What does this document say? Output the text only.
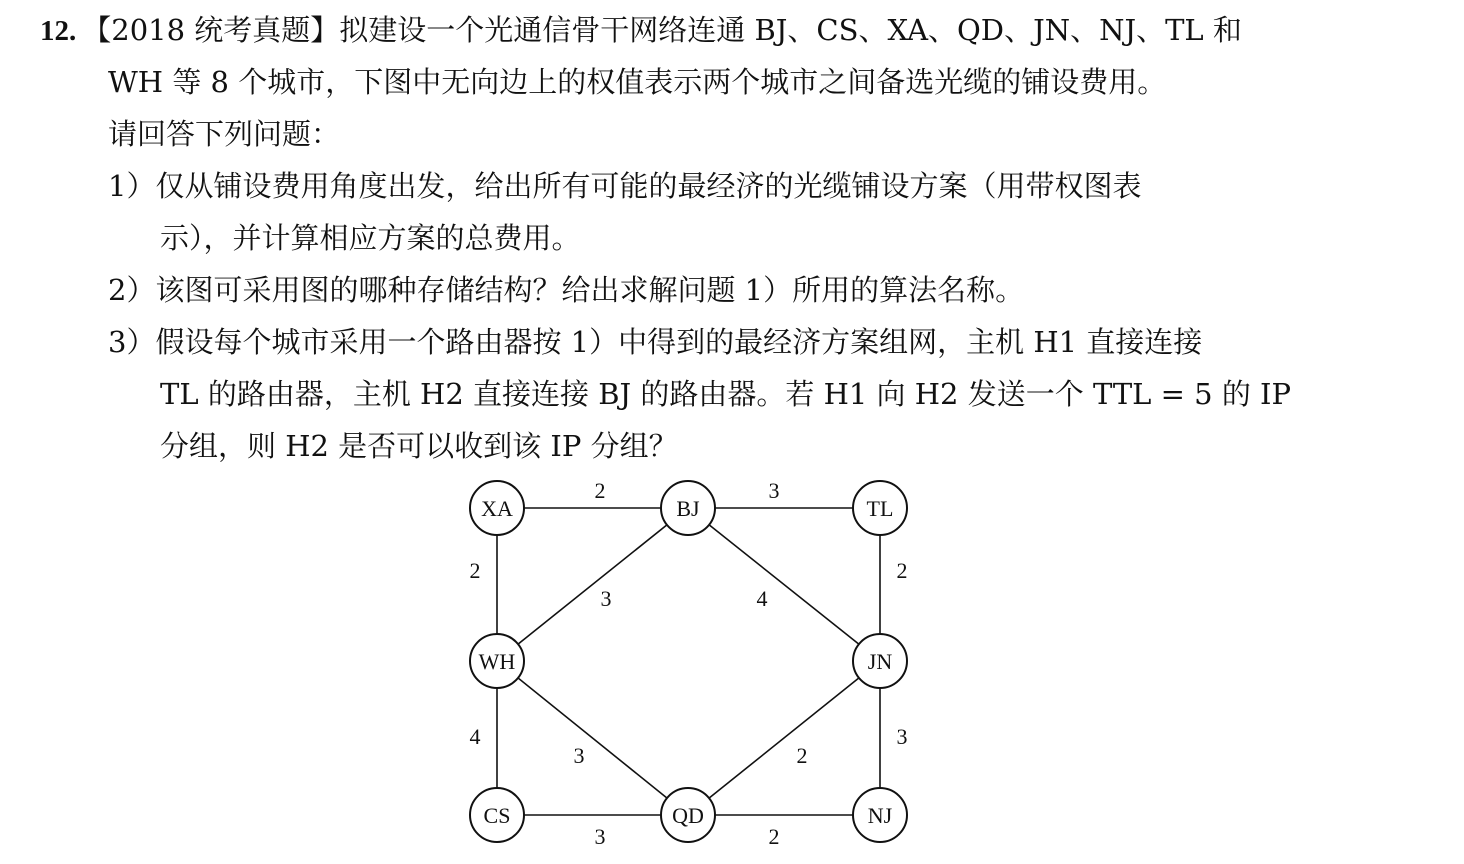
12. 【2018 统考真题】拟建设一个光通信骨干网络连通 BJ、CS、XA、QD、JN、NJ、TL 和
WH 等 8 个城市，下图中无向边上的权值表示两个城市之间备选光缆的铺设费用。
请回答下列问题：
1）仅从铺设费用角度出发，给出所有可能的最经济的光缆铺设方案（用带权图表
示），并计算相应方案的总费用。
2）该图可采用图的哪种存储结构？给出求解问题 1）所用的算法名称。
3）假设每个城市采用一个路由器按 1）中得到的最经济方案组网，主机 H1 直接连接
TL 的路由器，主机 H2 直接连接 BJ 的路由器。若 H1 向 H2 发送一个 TTL = 5 的 IP
分组，则 H2 是否可以收到该 IP 分组？
2	3
2
3	4
2
4
3	2
3
3	2
XA	BJ	TL
WH	JN
CS	QD	NJ
